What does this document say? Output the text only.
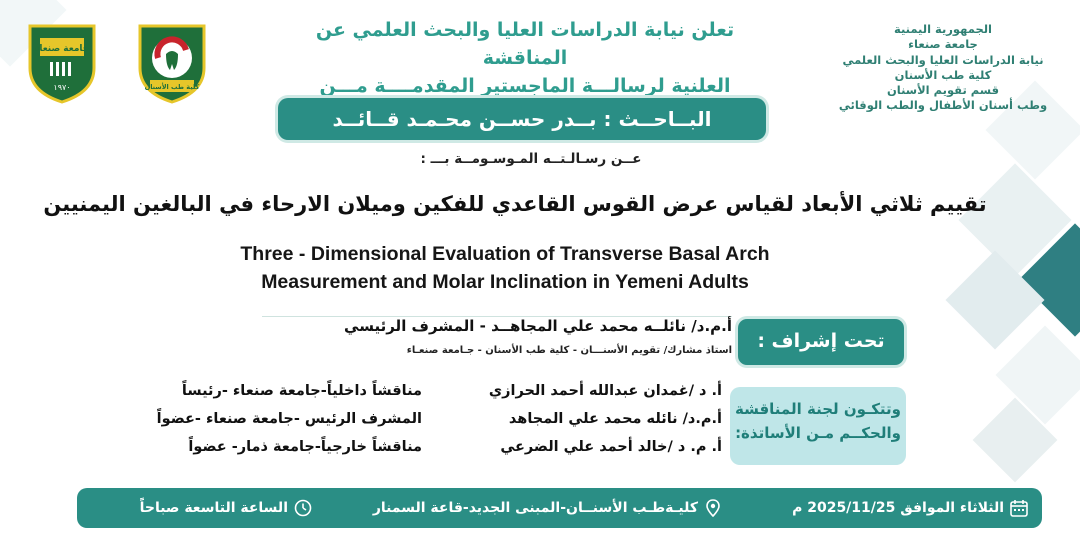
جامعة صنعاء
١٩٧٠	كلية طب الأسنان
الجمهورية اليمنية
جامعة صنعاء
نيابة الدراسات العليا والبحث العلمي
كلية طب الأسنان
قسم تقويم الأسنان
وطب أسنان الأطفال والطب الوقائي
تعلن نيابة الدراسات العليا والبحث العلمي عن المناقشة
العلنية لرسالـــة الماجستير المقدمــــة مـــن
البــاحــث : بــدر حســن محـمـد قــائــد
عــن رسـالـتــه المـوسـومــة بـــ :
تقييم ثلاثي الأبعاد لقياس عرض القوس القاعدي للفكين وميلان الارحاء في البالغين اليمنيين
Three - Dimensional Evaluation of Transverse Basal Arch
Measurement and Molar Inclination in Yemeni Adults
أ.م.د/ نائلــه محمد علي المجاهــد - المشرف الرئيسي
استاذ مشارك/ تقويم الأسنـــان - كلية طب الأسنان - جـامعة صنعـاء	تحت إشراف :
وتتكـون لجنة المناقشة
والحكــم مـن الأساتذة:
أ. د /غمدان عبدالله أحمد الحرازي
مناقشاً داخلياً-جامعة صنعاء -رئيساً
أ.م.د/ نائله محمد علي المجاهد
المشرف الرئيس -جامعة صنعاء -عضواً
أ. م. د /خالد أحمد علي الضرعي
مناقشاً خارجياً-جامعة ذمار- عضواً
الثلاثاء الموافق 2025/11/25 م
كليـةطـب الأسنــان-المبنى الجديد-قاعة السمنار
الساعة التاسعة صباحاً
